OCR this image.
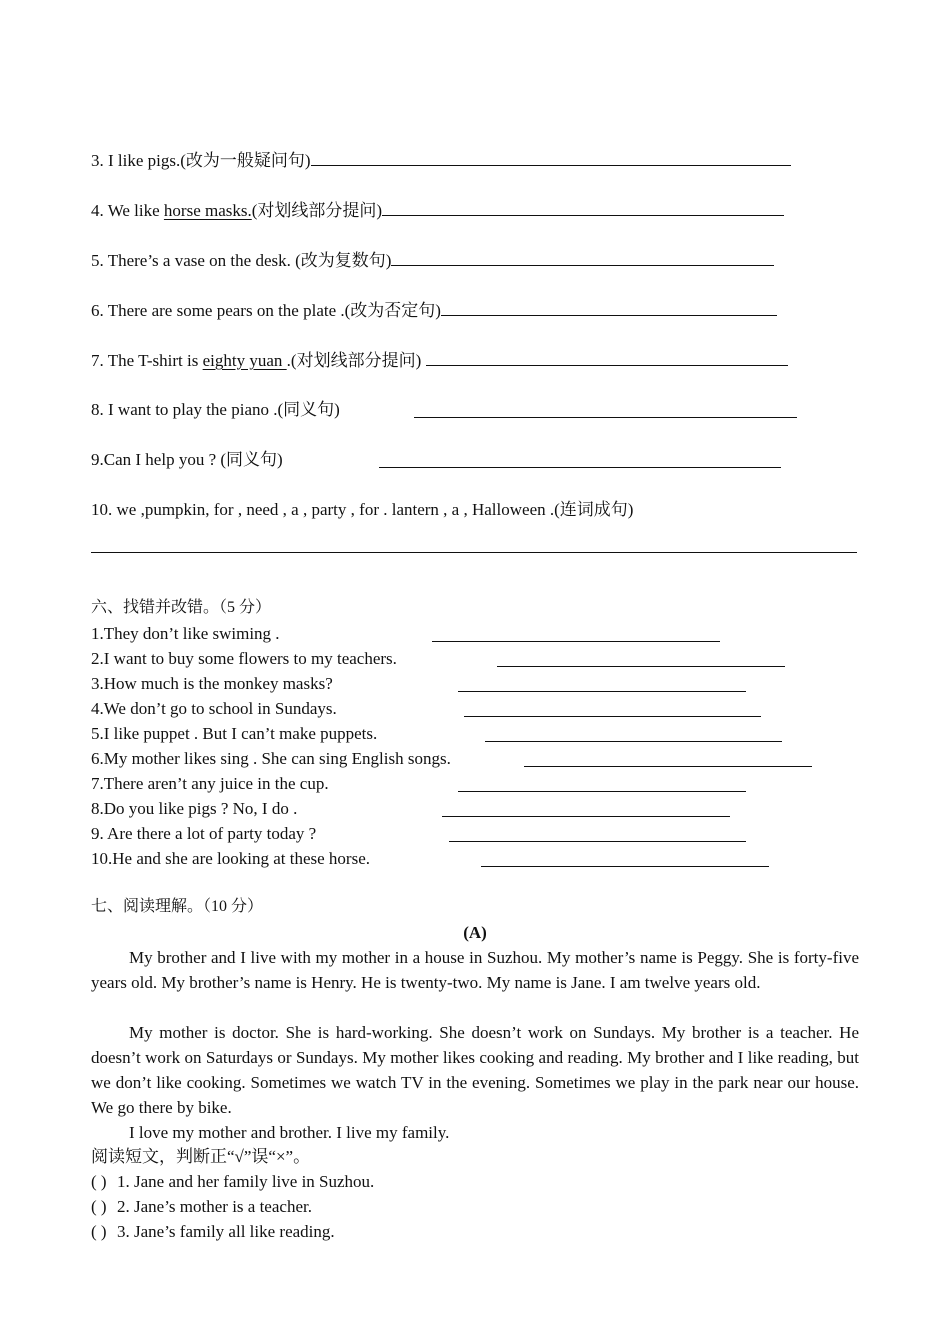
3. I like pigs.(改为一般疑问句)
4. We like horse masks.(对划线部分提问)
5. There’s a vase on the desk. (改为复数句)
6. There are some pears on the plate .(改为否定句)
7. The T-shirt is eighty yuan .(对划线部分提问)
8. I want to play the piano .(同义句)
9.Can I help you ? (同义句)
10. we ,pumpkin, for , need , a , party , for . lantern , a , Halloween .(连词成句)
六、找错并改错。（5 分）
1.They don’t like swiming .
2.I want to buy some flowers to my teachers.
3.How much is the monkey masks?
4.We don’t go to school in Sundays.
5.I like puppet . But I can’t make puppets.
6.My mother likes sing . She can sing English songs.
7.There aren’t any juice in the cup.
8.Do you like pigs ? No, I do .
9. Are there a lot of party today ?
10.He and she are looking at these horse.
七、阅读理解。（10 分）
(A)
My brother and I live with my mother in a house in Suzhou. My mother’s name is Peggy. She is forty-five years old. My brother’s name is Henry. He is twenty-two. My name is Jane. I am twelve years old.
My mother is doctor. She is hard-working. She doesn’t work on Sundays. My brother is a teacher. He doesn’t work on Saturdays or Sundays. My mother likes cooking and reading. My brother and I like reading, but we don’t like cooking. Sometimes we watch TV in the evening. Sometimes we play in the park near our house. We go there by bike.
I love my mother and brother. I live my family.
阅读短文，判断正“√”误“×”。
( ) 1. Jane and her family live in Suzhou.
( ) 2. Jane’s mother is a teacher.
( ) 3. Jane’s family all like reading.
